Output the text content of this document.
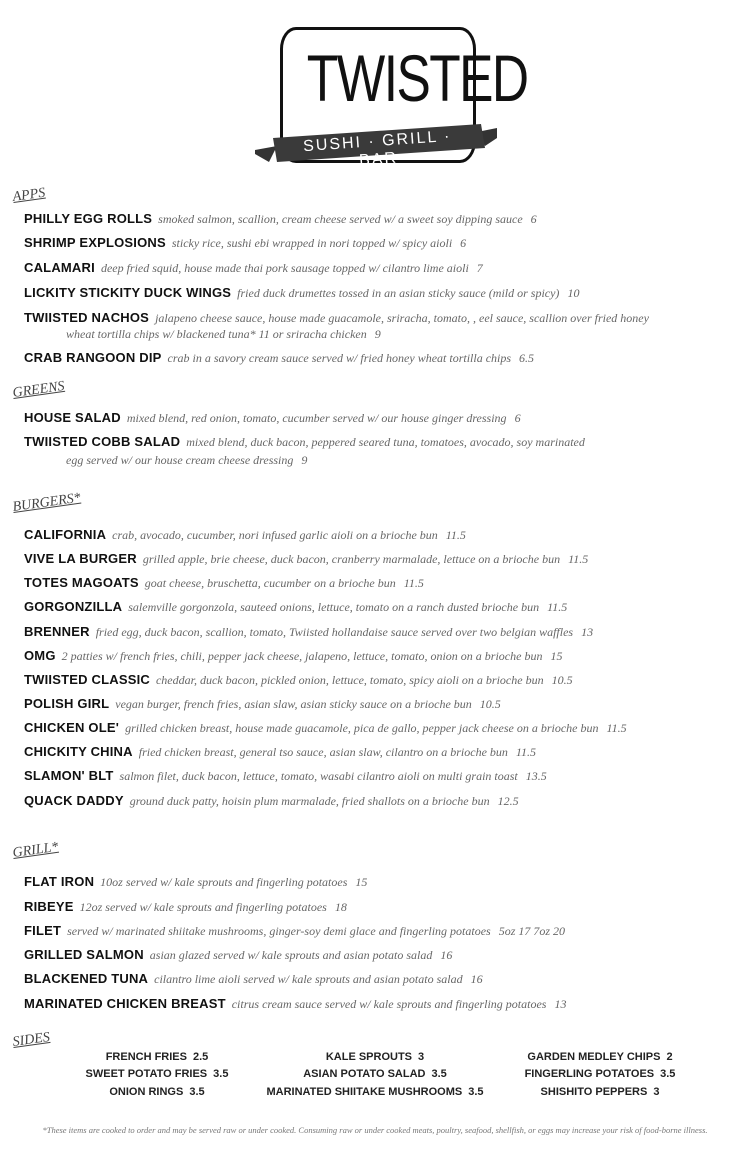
TWISTED
SUSHI · GRILL · BAR
APPS
PHILLY EGG ROLLS smoked salmon, scallion, cream cheese served w/ a sweet soy dipping sauce 6
SHRIMP EXPLOSIONS sticky rice, sushi ebi wrapped in nori topped w/ spicy aioli 6
CALAMARI deep fried squid, house made thai pork sausage topped w/ cilantro lime aioli 7
LICKITY STICKITY DUCK WINGS fried duck drumettes tossed in an asian sticky sauce (mild or spicy) 10
wheat tortilla chips w/ blackened tuna* 11 or sriracha chicken 9
TWIISTED NACHOS jalapeno cheese sauce, house made guacamole, sriracha, tomato, , eel sauce, scallion over fried honey
CRAB RANGOON DIP crab in a savory cream sauce served w/ fried honey wheat tortilla chips 6.5
GREENS
HOUSE SALAD mixed blend, red onion, tomato, cucumber served w/ our house ginger dressing 6
egg served w/ our house cream cheese dressing 9
TWIISTED COBB SALAD mixed blend, duck bacon, peppered seared tuna, tomatoes, avocado, soy marinated
BURGERS*
CALIFORNIA crab, avocado, cucumber, nori infused garlic aioli on a brioche bun 11.5
VIVE LA BURGER grilled apple, brie cheese, duck bacon, cranberry marmalade, lettuce on a brioche bun 11.5
TOTES MAGOATS goat cheese, bruschetta, cucumber on a brioche bun 11.5
GORGONZILLA salemville gorgonzola, sauteed onions, lettuce, tomato on a ranch dusted brioche bun 11.5
BRENNER fried egg, duck bacon, scallion, tomato, Twiisted hollandaise sauce served over two belgian waffles 13
OMG 2 patties w/ french fries, chili, pepper jack cheese, jalapeno, lettuce, tomato, onion on a brioche bun 15
TWIISTED CLASSIC cheddar, duck bacon, pickled onion, lettuce, tomato, spicy aioli on a brioche bun 10.5
POLISH GIRL vegan burger, french fries, asian slaw, asian sticky sauce on a brioche bun 10.5
CHICKEN OLE' grilled chicken breast, house made guacamole, pica de gallo, pepper jack cheese on a brioche bun 11.5
CHICKITY CHINA fried chicken breast, general tso sauce, asian slaw, cilantro on a brioche bun 11.5
SLAMON' BLT salmon filet, duck bacon, lettuce, tomato, wasabi cilantro aioli on multi grain toast 13.5
QUACK DADDY ground duck patty, hoisin plum marmalade, fried shallots on a brioche bun 12.5
GRILL*
FLAT IRON 10oz served w/ kale sprouts and fingerling potatoes 15
RIBEYE 12oz served w/ kale sprouts and fingerling potatoes 18
FILET served w/ marinated shiitake mushrooms, ginger-soy demi glace and fingerling potatoes 5oz 17 7oz 20
GRILLED SALMON asian glazed served w/ kale sprouts and asian potato salad 16
BLACKENED TUNA cilantro lime aioli served w/ kale sprouts and asian potato salad 16
MARINATED CHICKEN BREAST citrus cream sauce served w/ kale sprouts and fingerling potatoes 13
SIDES
FRENCH FRIES 2.5
SWEET POTATO FRIES 3.5
ONION RINGS 3.5
KALE SPROUTS 3
ASIAN POTATO SALAD 3.5
MARINATED SHIITAKE MUSHROOMS 3.5
GARDEN MEDLEY CHIPS 2
FINGERLING POTATOES 3.5
SHISHITO PEPPERS 3
*These items are cooked to order and may be served raw or under cooked. Consuming raw or under cooked meats, poultry, seafood, shellfish, or eggs may increase your risk of food-borne illness.
